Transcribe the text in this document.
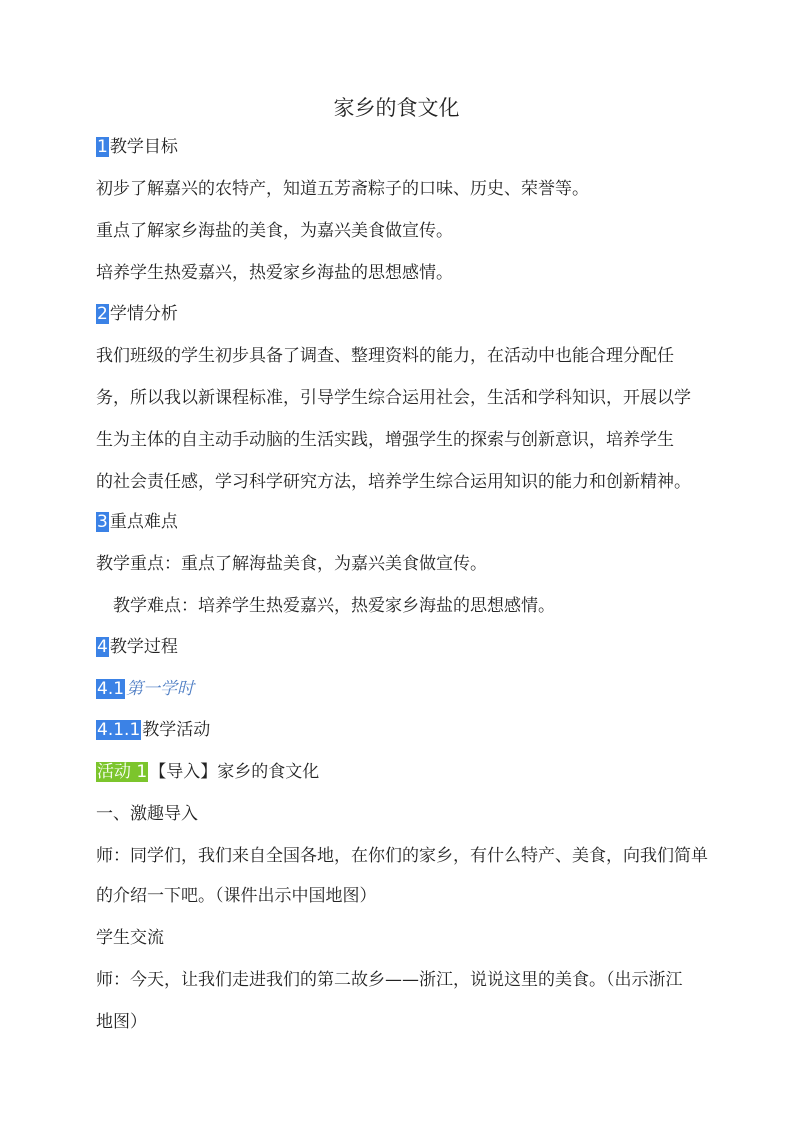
家乡的食文化
1 教学目标
初步了解嘉兴的农特产，知道五芳斋粽子的口味、历史、荣誉等。
重点了解家乡海盐的美食，为嘉兴美食做宣传。
培养学生热爱嘉兴，热爱家乡海盐的思想感情。
2 学情分析
我们班级的学生初步具备了调查、整理资料的能力，在活动中也能合理分配任
务，所以我以新课程标准，引导学生综合运用社会，生活和学科知识，开展以学
生为主体的自主动手动脑的生活实践，增强学生的探索与创新意识，培养学生
的社会责任感，学习科学研究方法，培养学生综合运用知识的能力和创新精神。
3 重点难点
教学重点：重点了解海盐美食，为嘉兴美食做宣传。
教学难点：培养学生热爱嘉兴，热爱家乡海盐的思想感情。
4 教学过程
4.1 第一学时
4.1.1 教学活动
活动 1 【导入】家乡的食文化
一、激趣导入
师：同学们，我们来自全国各地，在你们的家乡，有什么特产、美食，向我们简单
的介绍一下吧。（课件出示中国地图）
学生交流
师：今天，让我们走进我们的第二故乡——浙江，说说这里的美食。（出示浙江
地图）
